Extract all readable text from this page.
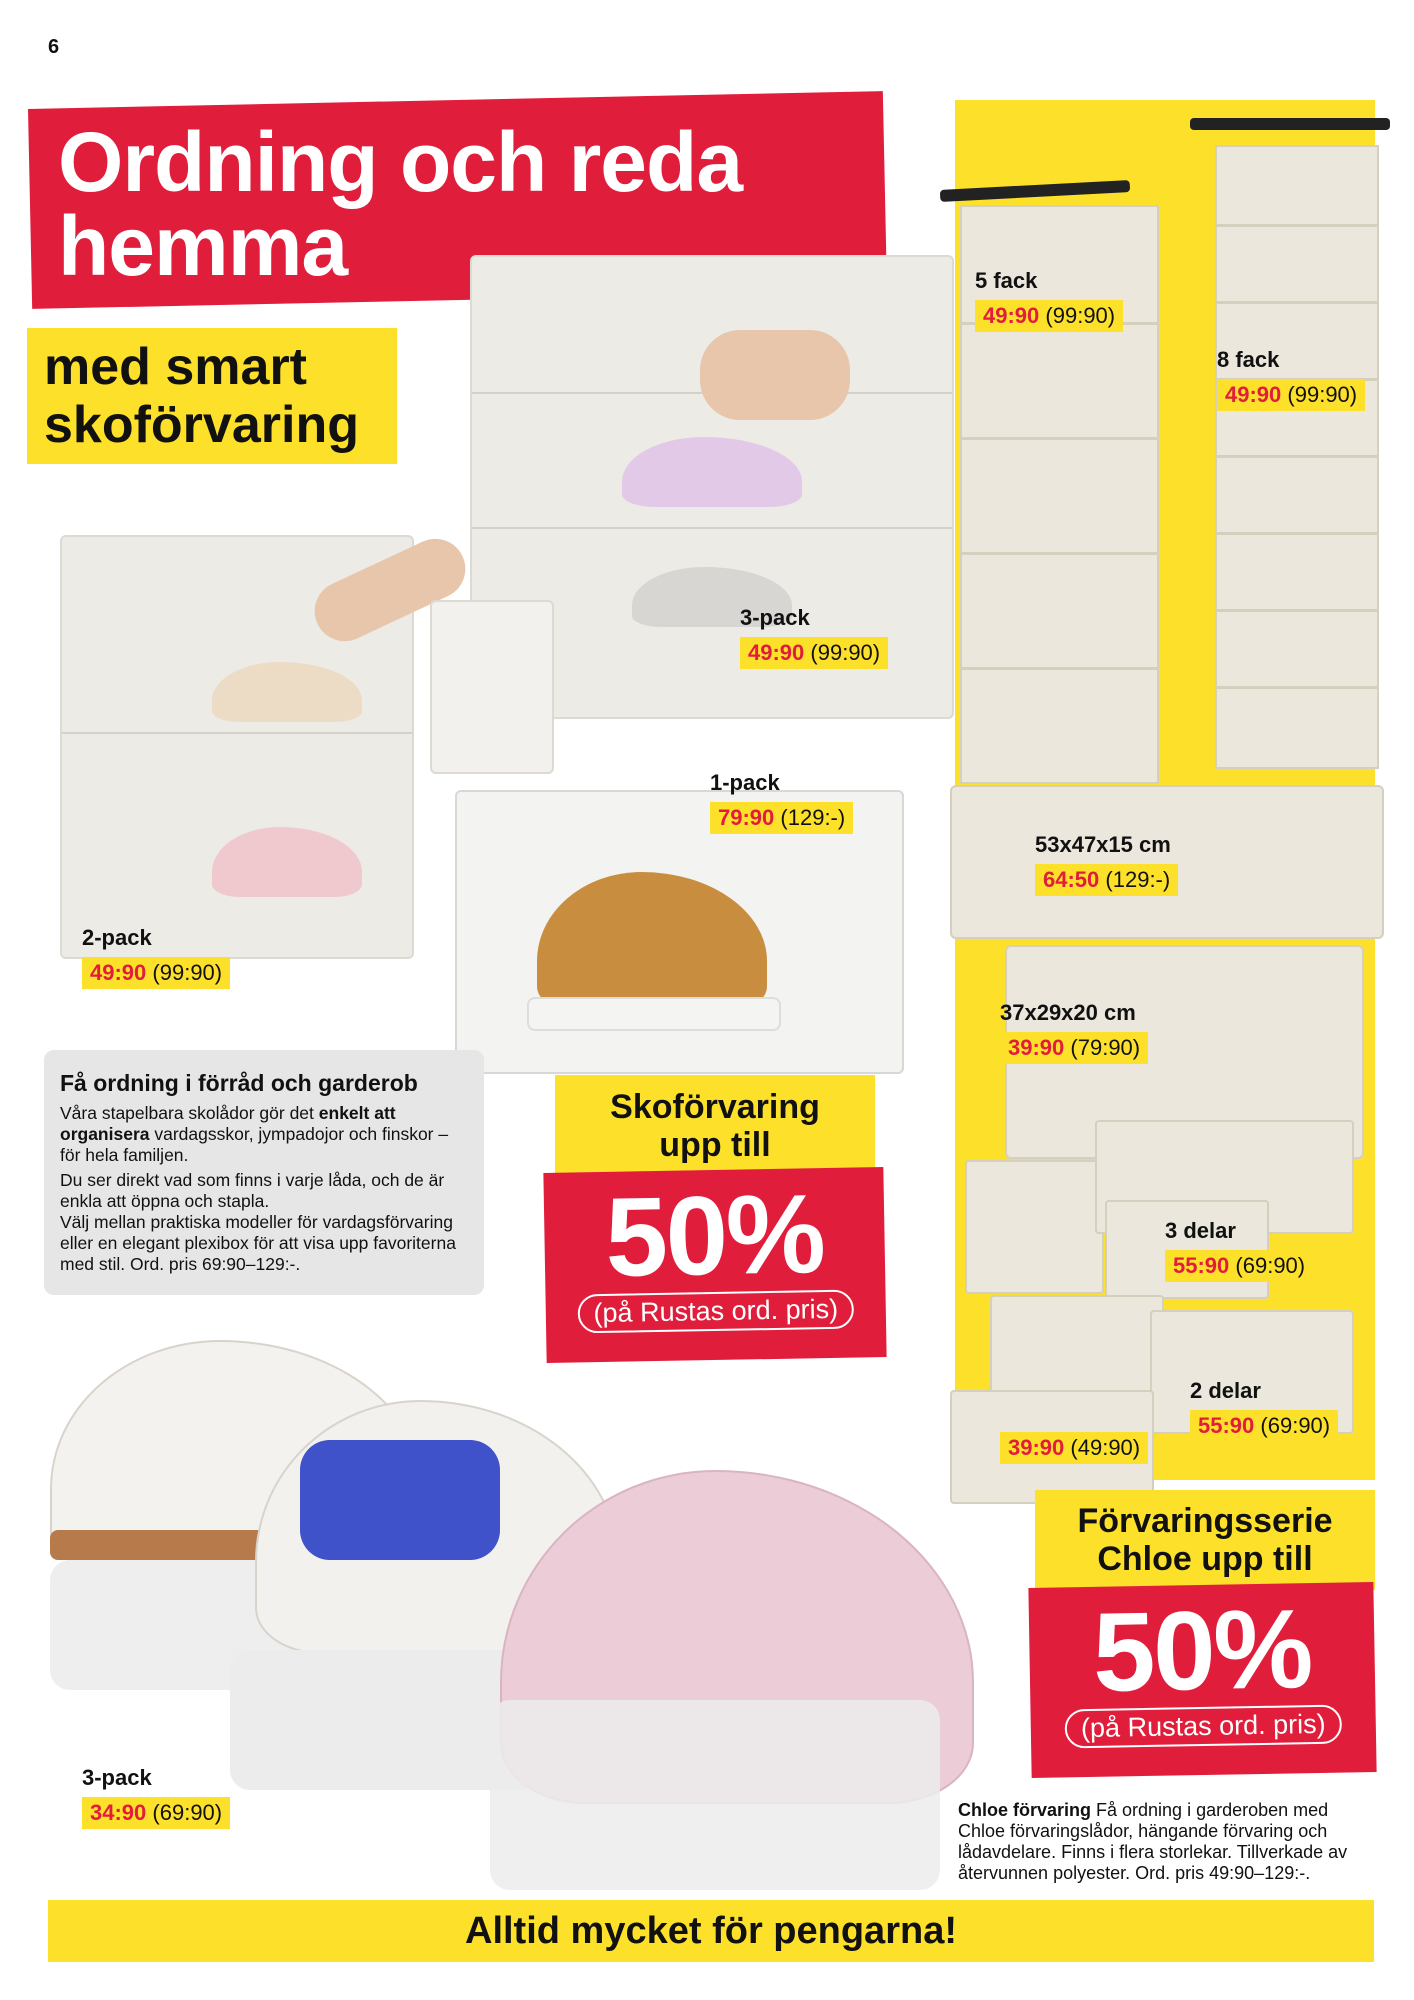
6
Ordning och reda
hemma
med smart
skoförvaring
3-pack
49:90 (99:90)
1-pack
79:90 (129:-)
2-pack
49:90 (99:90)
Få ordning i förråd och garderob
Våra stapelbara skolådor gör det enkelt att organisera vardagsskor, jympadojor och finskor – för hela familjen.
Du ser direkt vad som finns i varje låda, och de är enkla att öppna och stapla.
Välj mellan praktiska modeller för vardagsförvaring eller en elegant plexibox för att visa upp favoriterna med stil. Ord. pris 69:90–129:-.
Skoförvaring
upp till
50%
(på Rustas ord. pris)
3-pack
34:90 (69:90)
5 fack
49:90 (99:90)
8 fack
49:90 (99:90)
53x47x15 cm
64:50 (129:-)
37x29x20 cm
39:90 (79:90)
3 delar
55:90 (69:90)
2 delar
55:90 (69:90)
39:90 (49:90)
Förvaringsserie
Chloe upp till
50%
(på Rustas ord. pris)
Chloe förvaring Få ordning i garderoben med Chloe förvaringslådor, hängande förvaring och lådavdelare. Finns i flera storlekar. Tillverkade av återvunnen polyester. Ord. pris 49:90–129:-.
Alltid mycket för pengarna!
